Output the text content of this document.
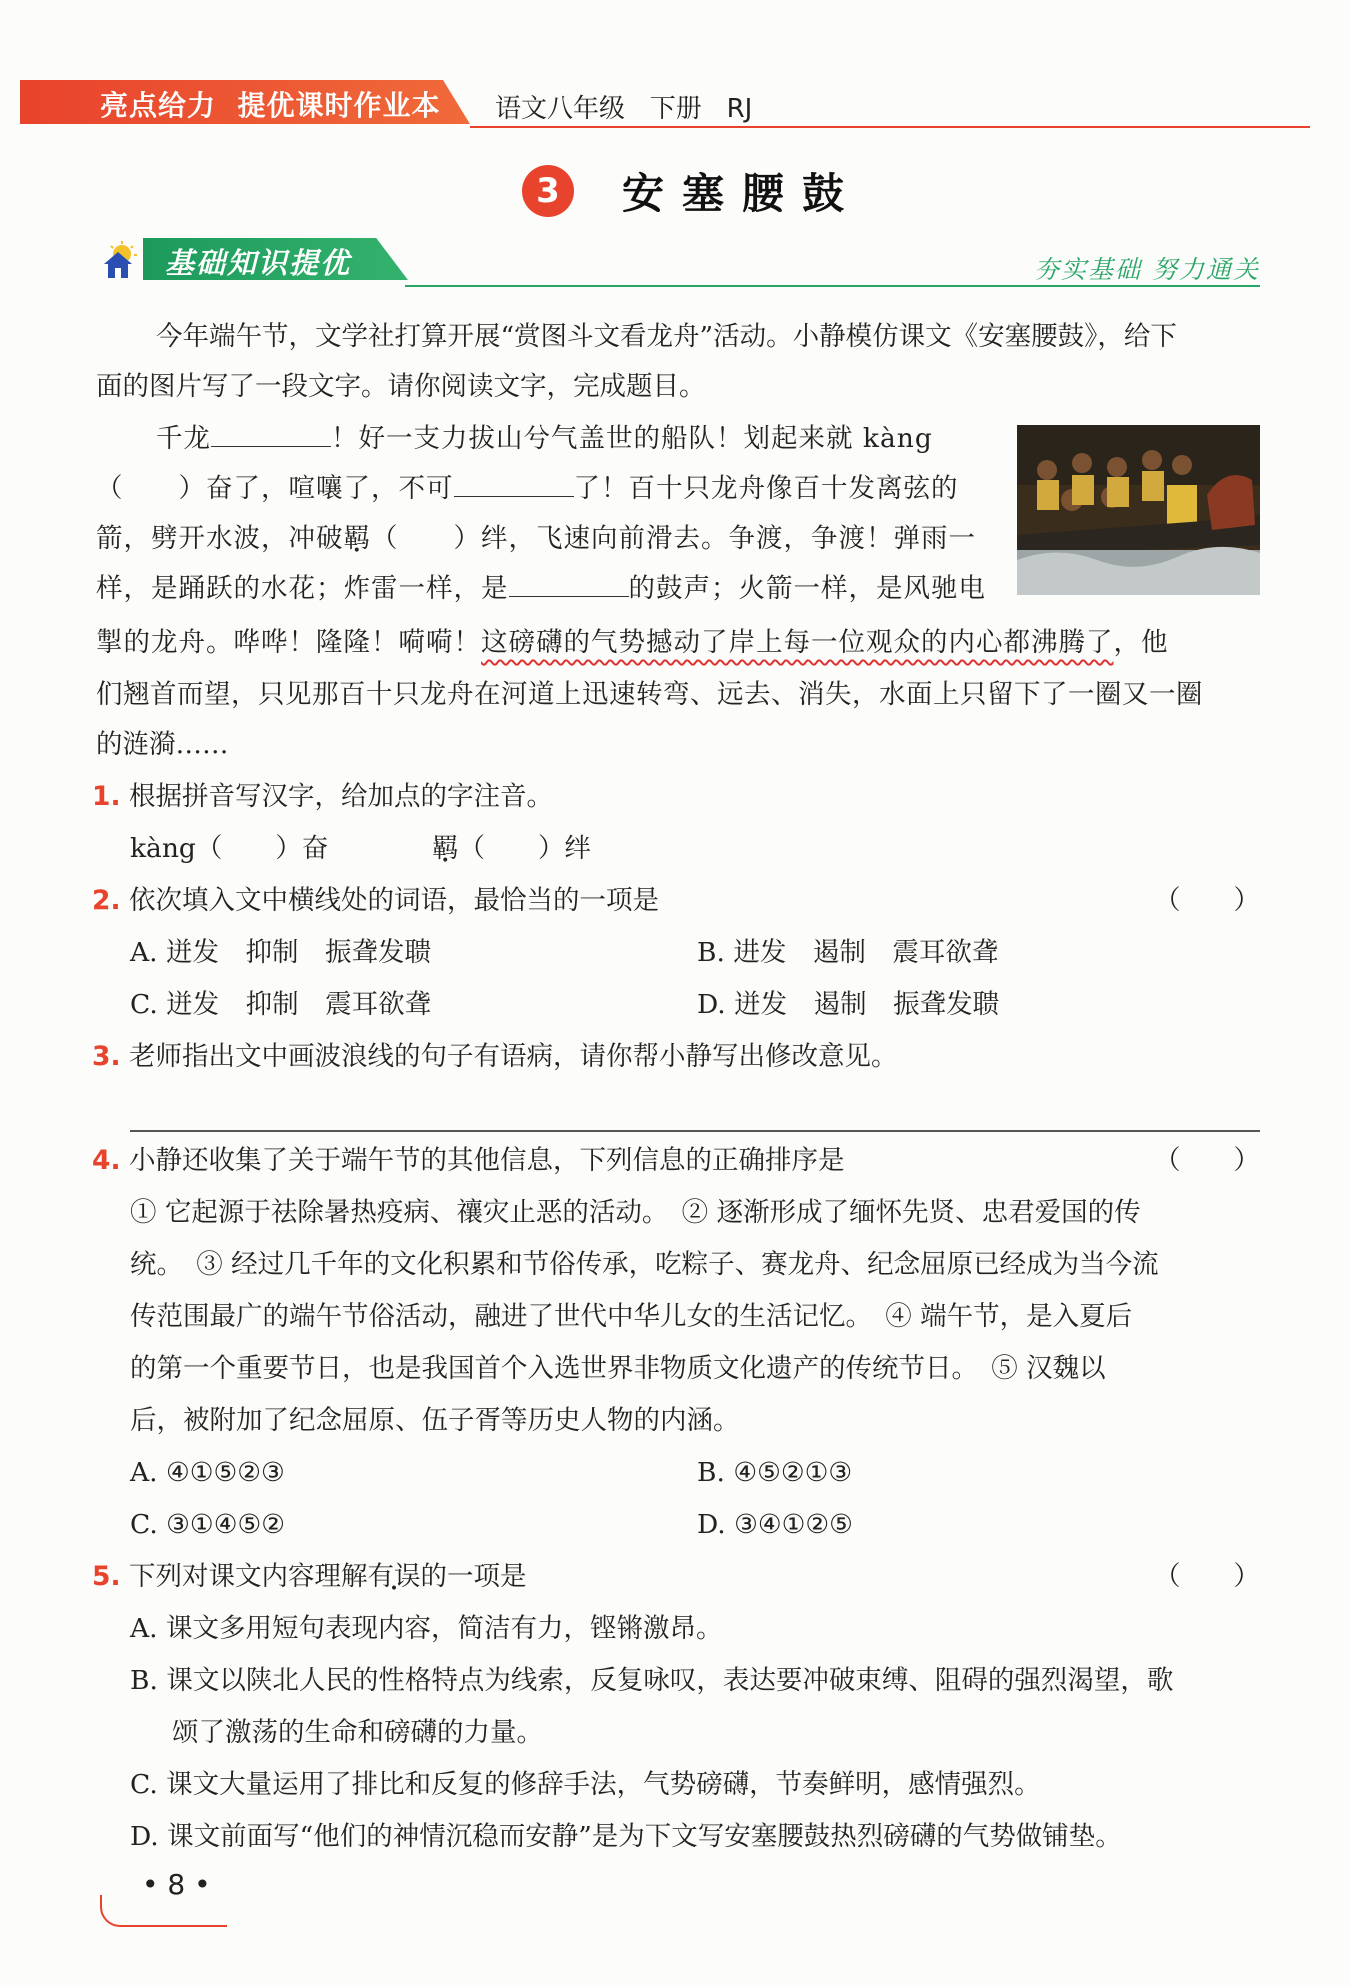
亮点给力  提优课时作业本 语文八年级   下册   RJ
3	安塞腰鼓
基础知识提优	夯实基础 努力通关
今年端午节，文学社打算开展“赏图斗文看龙舟”活动。小静模仿课文《安塞腰鼓》，给下
面的图片写了一段文字。请你阅读文字，完成题目。
千龙	！好一支力拔山兮气盖世的船队！划起来就 kàng
（　　）奋了，喧嚷了，不可	了！百十只龙舟像百十发离弦的
箭，劈开水波，冲破羁（　　）绊，飞速向前滑去。争渡，争渡！弹雨一
样，是踊跃的水花；炸雷一样，是	的鼓声；火箭一样，是风驰电
掣的龙舟。哗哗！隆隆！嗬嗬！这磅礴的气势撼动了岸上每一位观众的内心都沸腾了，他
们翘首而望，只见那百十只龙舟在河道上迅速转弯、远去、消失，水面上只留下了一圈又一圈
的涟漪……
1. 根据拼音写汉字，给加点的字注音。
kàng（　　）奋	羁（　　）绊
2. 依次填入文中横线处的词语，最恰当的一项是	（　　）
A. 迸发　抑制　振聋发聩	B. 进发　遏制　震耳欲聋
C. 迸发　抑制　震耳欲聋	D. 迸发　遏制　振聋发聩
3. 老师指出文中画波浪线的句子有语病，请你帮小静写出修改意见。
4. 小静还收集了关于端午节的其他信息，下列信息的正确排序是	（　　）
① 它起源于祛除暑热疫病、禳灾止恶的活动。　② 逐渐形成了缅怀先贤、忠君爱国的传
统。　③ 经过几千年的文化积累和节俗传承，吃粽子、赛龙舟、纪念屈原已经成为当今流
传范围最广的端午节俗活动，融进了世代中华儿女的生活记忆。　④ 端午节，是入夏后
的第一个重要节日，也是我国首个入选世界非物质文化遗产的传统节日。　⑤ 汉魏以
后，被附加了纪念屈原、伍子胥等历史人物的内涵。
A. ④①⑤②③	B. ④⑤②①③
C. ③①④⑤②	D. ③④①②⑤
5. 下列对课文内容理解有误的一项是	（　　）
A. 课文多用短句表现内容，简洁有力，铿锵激昂。
B. 课文以陕北人民的性格特点为线索，反复咏叹，表达要冲破束缚、阻碍的强烈渴望，歌
颂了激荡的生命和磅礴的力量。
C. 课文大量运用了排比和反复的修辞手法，气势磅礴，节奏鲜明，感情强烈。
D. 课文前面写“他们的神情沉稳而安静”是为下文写安塞腰鼓热烈磅礴的气势做铺垫。
• 8 •
